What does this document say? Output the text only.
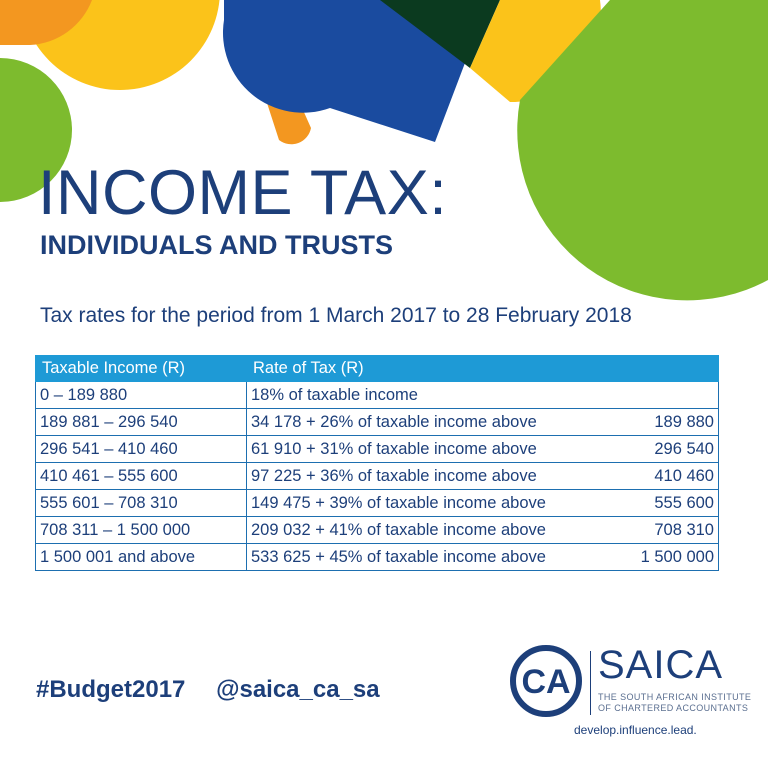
INCOME TAX:
INDIVIDUALS AND TRUSTS

Tax rates for the period from 1 March 2017 to 28 February 2018

Taxable Income (R)	Rate of Tax (R)
0 – 189 880	18% of taxable income

189 881 – 296 540	34 178 + 26% of taxable income above 189 880

296 541 – 410 460	61 910 + 31% of taxable income above 296 540

410 461 – 555 600	97 225 + 36% of taxable income above 410 460

555 601 – 708 310	149 475 + 39% of taxable income above 555 600

708 311 – 1 500 000	209 032 + 41% of taxable income above 708 310

1 500 001 and above	533 625 + 45% of taxable income above 1 500 000
#Budget2017 @saica_ca_sa	CA SAICA
THE SOUTH AFRICAN INSTITUTE
OF CHARTERED ACCOUNTANTS
develop.influence.lead.
